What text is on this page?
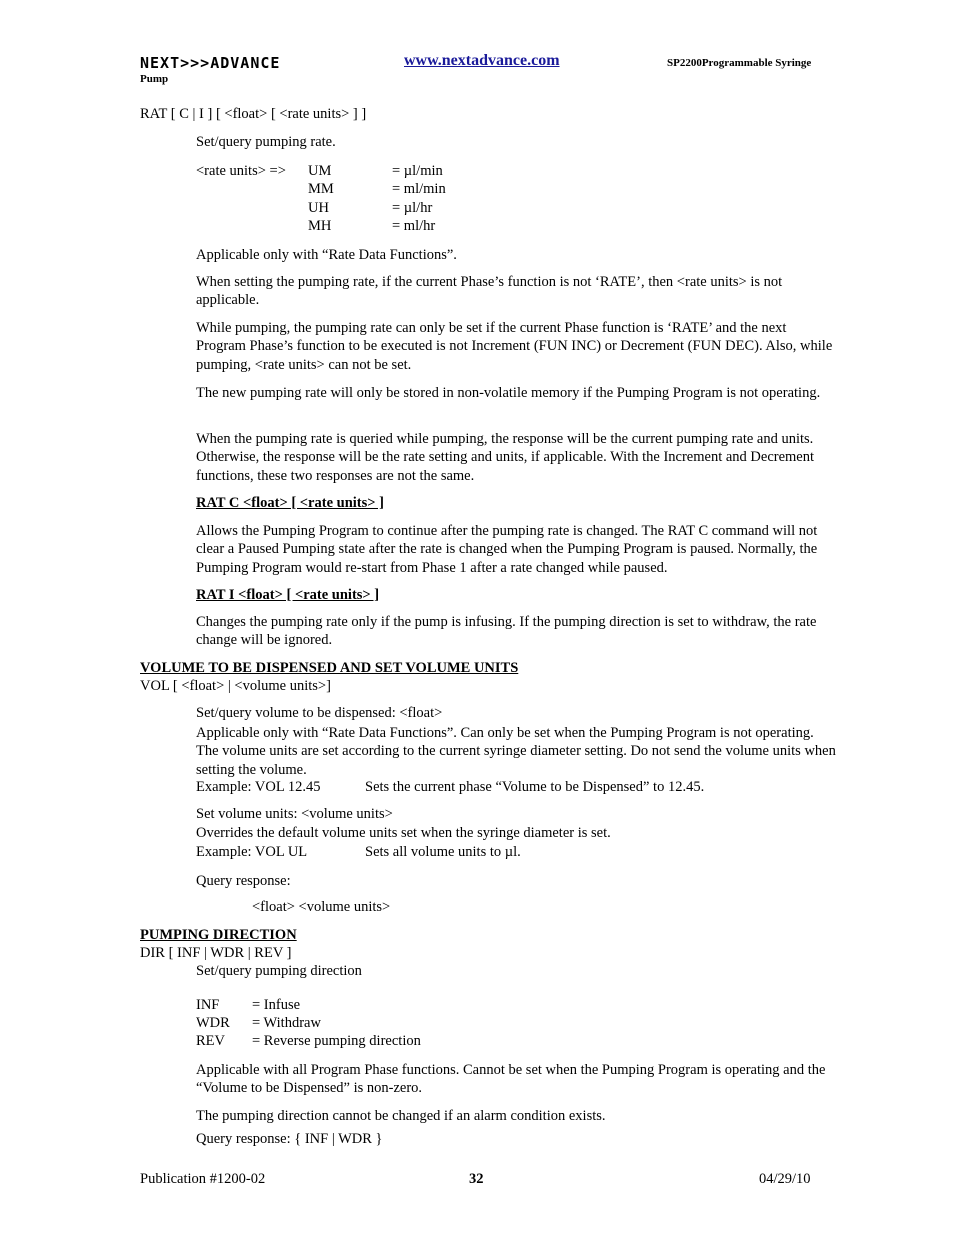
NEXT>>>ADVANCE	www.nextadvance.com	SP2200Programmable Syringe
Pump
RAT [ C | I ] [ <float> [ <rate units> ] ]
Set/query pumping rate.
<rate units> => UM	= µl/min
MM	= ml/min
UH	= µl/hr
MH	= ml/hr
Applicable only with “Rate Data Functions”.
When setting the pumping rate, if the current Phase’s function is not ‘RATE’, then <rate units> is not applicable.
While pumping, the pumping rate can only be set if the current Phase function is ‘RATE’ and the next Program Phase’s function to be executed is not Increment (FUN INC) or Decrement (FUN DEC). Also, while pumping, <rate units> can not be set.
The new pumping rate will only be stored in non-volatile memory if the Pumping Program is not operating.
When the pumping rate is queried while pumping, the response will be the current pumping rate and units. Otherwise, the response will be the rate setting and units, if applicable. With the Increment and Decrement functions, these two responses are not the same.
RAT C <float> [ <rate units> ]
Allows the Pumping Program to continue after the pumping rate is changed. The RAT C command will not clear a Paused Pumping state after the rate is changed when the Pumping Program is paused. Normally, the Pumping Program would re-start from Phase 1 after a rate changed while paused.
RAT I <float> [ <rate units> ]
Changes the pumping rate only if the pump is infusing. If the pumping direction is set to withdraw, the rate change will be ignored.
VOLUME TO BE DISPENSED AND SET VOLUME UNITS
VOL [ <float> | <volume units>]
Set/query volume to be dispensed: <float>
Applicable only with “Rate Data Functions”. Can only be set when the Pumping Program is not operating. The volume units are set according to the current syringe diameter setting. Do not send the volume units when setting the volume.
Example: VOL 12.45	Sets the current phase “Volume to be Dispensed” to 12.45.
Set volume units: <volume units>
Overrides the default volume units set when the syringe diameter is set.
Example: VOL UL	Sets all volume units to µl.
Query response:
<float> <volume units>
PUMPING DIRECTION
DIR [ INF | WDR | REV ]
Set/query pumping direction
INF = Infuse
WDR = Withdraw
REV = Reverse pumping direction
Applicable with all Program Phase functions. Cannot be set when the Pumping Program is operating and the “Volume to be Dispensed” is non-zero.
The pumping direction cannot be changed if an alarm condition exists.
Query response: { INF | WDR }
Publication #1200-02	32	04/29/10
